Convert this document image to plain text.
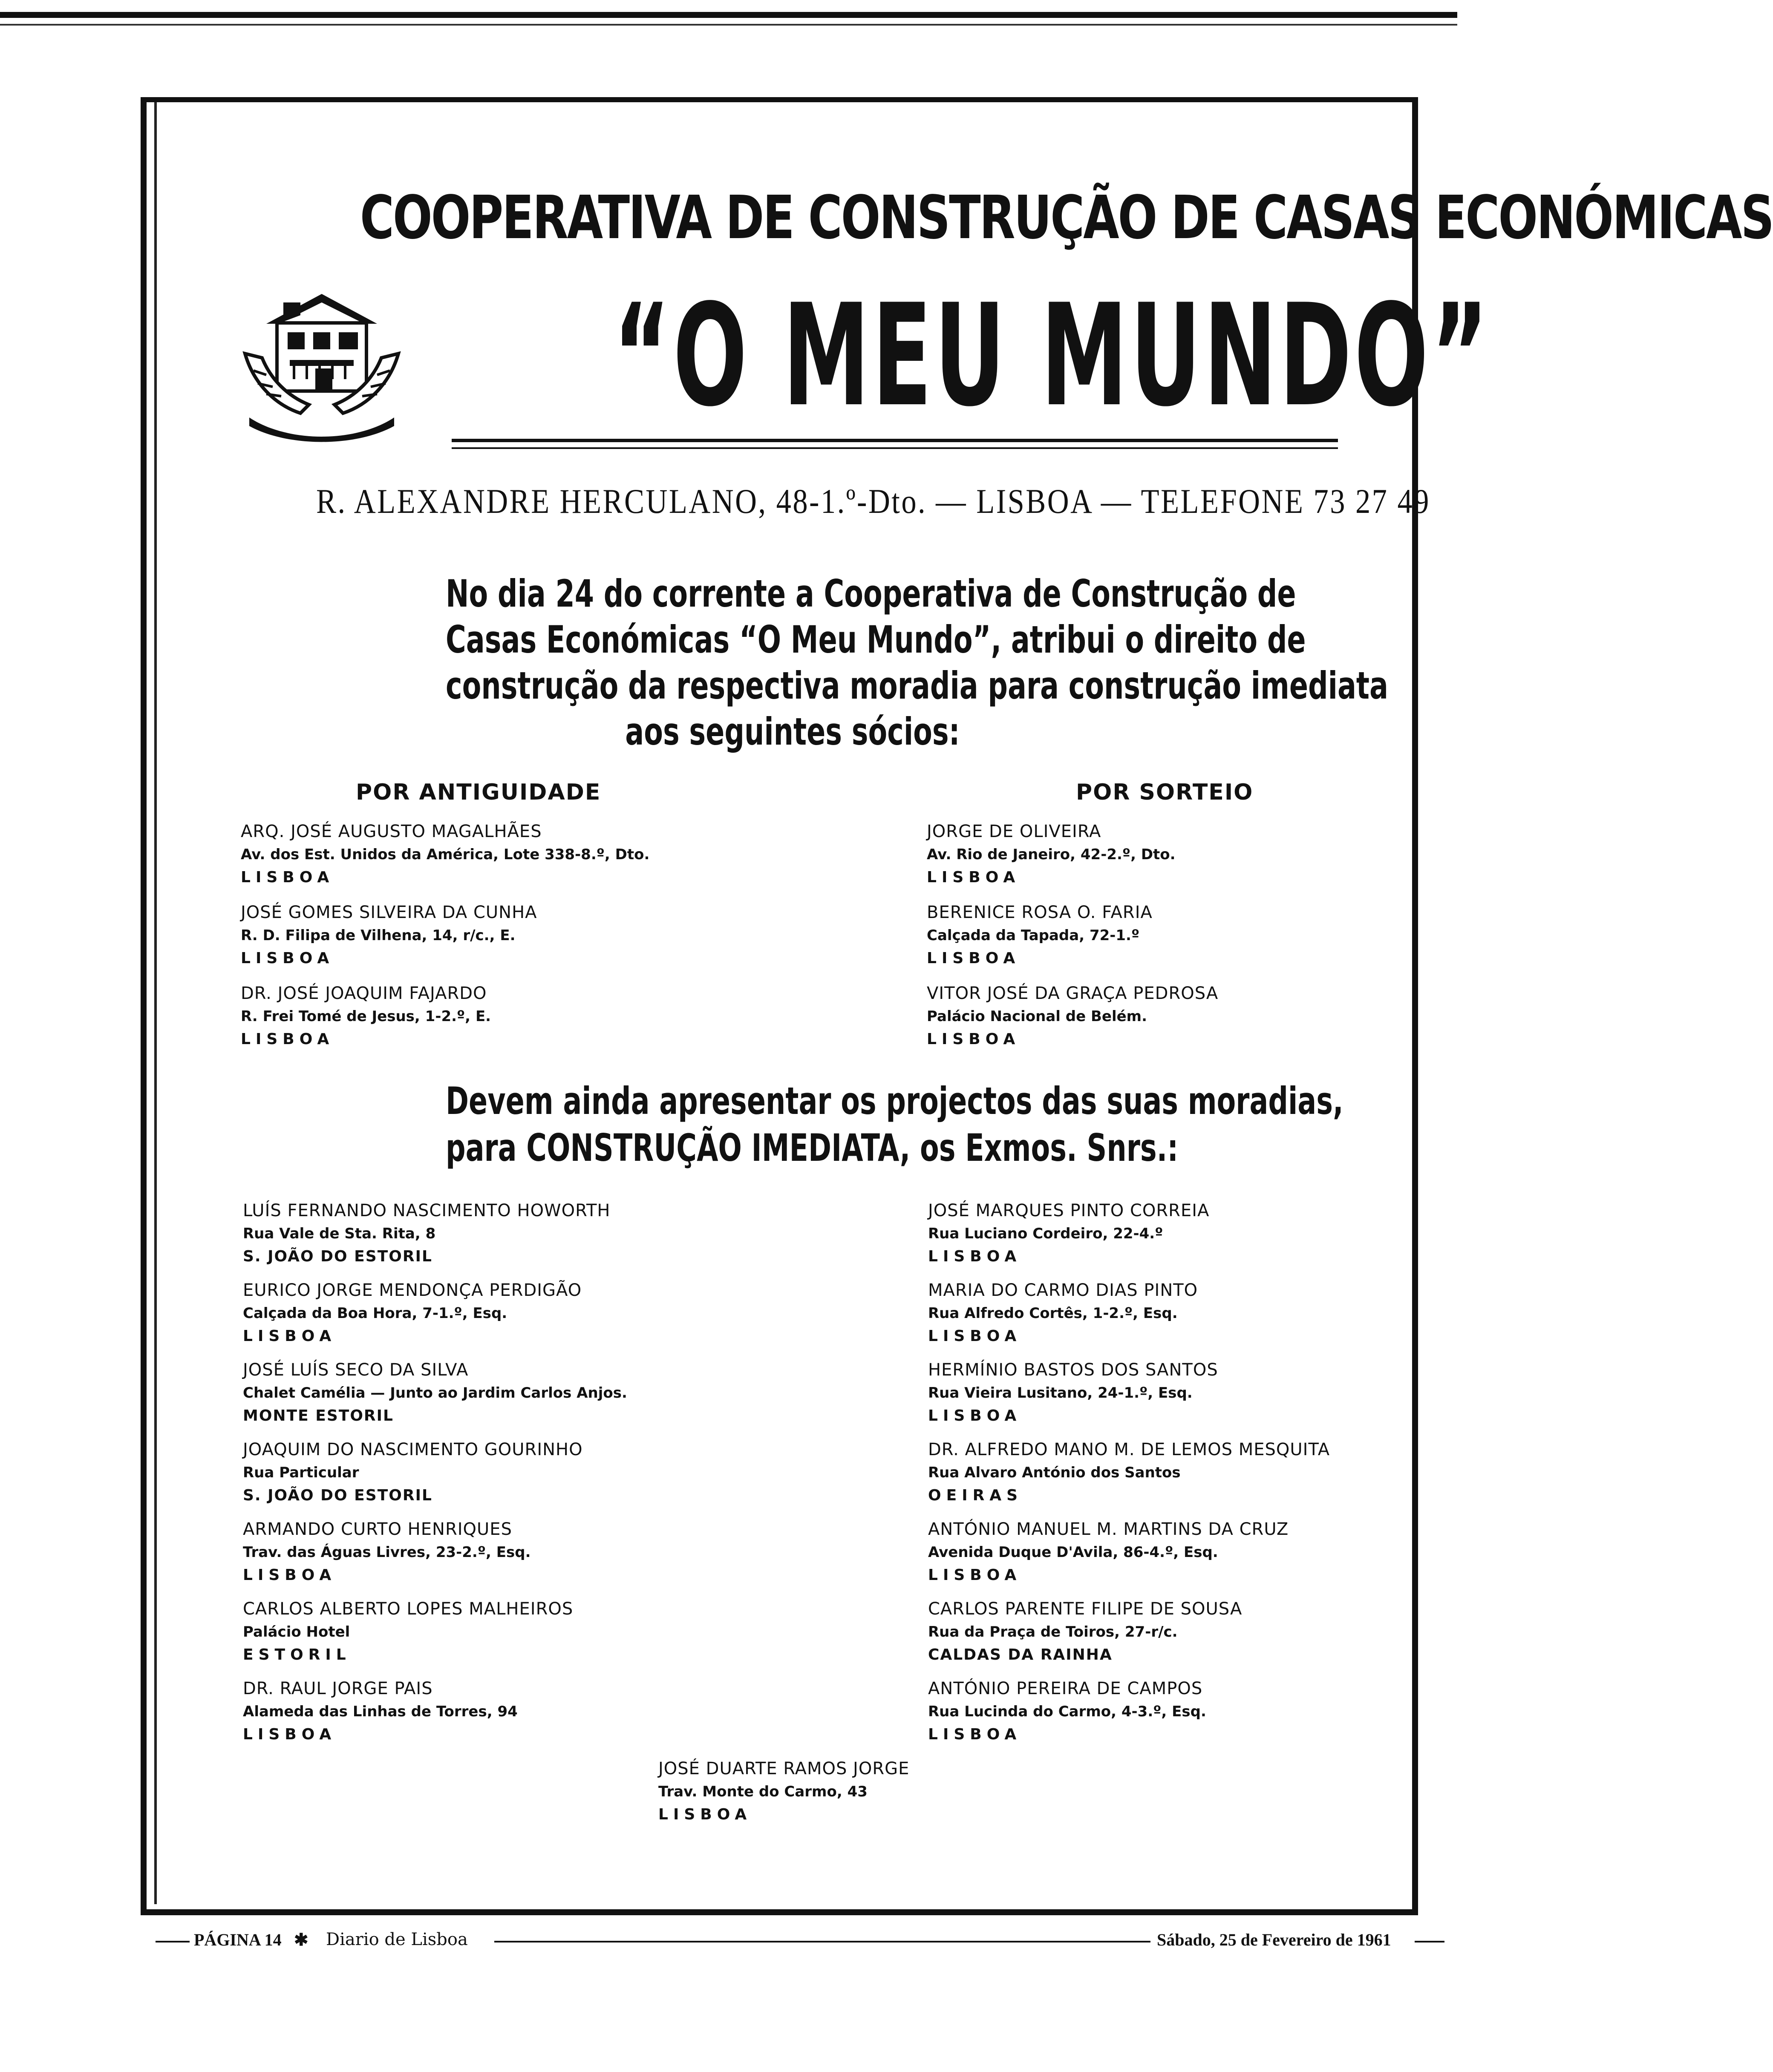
COOPERATIVA DE CONSTRUÇÃO DE CASAS ECONÓMICAS
“O MEU MUNDO”
R. ALEXANDRE HERCULANO, 48-1.º-Dto. — LISBOA — TELEFONE 73 27 49
No dia 24 do corrente a Cooperativa de Construção de
Casas Económicas “O Meu Mundo”, atribui o direito de
construção da respectiva moradia para construção imediata
aos seguintes sócios:
POR ANTIGUIDADE	POR SORTEIO
ARQ. JOSÉ AUGUSTO MAGALHÃES
Av. dos Est. Unidos da América, Lote 338-8.º, Dto.
LISBOA
JOSÉ GOMES SILVEIRA DA CUNHA
R. D. Filipa de Vilhena, 14, r/c., E.
LISBOA
DR. JOSÉ JOAQUIM FAJARDO
R. Frei Tomé de Jesus, 1-2.º, E.
LISBOA
JORGE DE OLIVEIRA
Av. Rio de Janeiro, 42-2.º, Dto.
LISBOA
BERENICE ROSA O. FARIA
Calçada da Tapada, 72-1.º
LISBOA
VITOR JOSÉ DA GRAÇA PEDROSA
Palácio Nacional de Belém.
LISBOA
Devem ainda apresentar os projectos das suas moradias,
para CONSTRUÇÃO IMEDIATA, os Exmos. Snrs.:
LUÍS FERNANDO NASCIMENTO HOWORTH
Rua Vale de Sta. Rita, 8
S. JOÃO DO ESTORIL
EURICO JORGE MENDONÇA PERDIGÃO
Calçada da Boa Hora, 7-1.º, Esq.
LISBOA
JOSÉ LUÍS SECO DA SILVA
Chalet Camélia — Junto ao Jardim Carlos Anjos.
MONTE ESTORIL
JOAQUIM DO NASCIMENTO GOURINHO
Rua Particular
S. JOÃO DO ESTORIL
ARMANDO CURTO HENRIQUES
Trav. das Águas Livres, 23-2.º, Esq.
LISBOA
CARLOS ALBERTO LOPES MALHEIROS
Palácio Hotel
ESTORIL
DR. RAUL JORGE PAIS
Alameda das Linhas de Torres, 94
LISBOA
JOSÉ MARQUES PINTO CORREIA
Rua Luciano Cordeiro, 22-4.º
LISBOA
MARIA DO CARMO DIAS PINTO
Rua Alfredo Cortês, 1-2.º, Esq.
LISBOA
HERMÍNIO BASTOS DOS SANTOS
Rua Vieira Lusitano, 24-1.º, Esq.
LISBOA
DR. ALFREDO MANO M. DE LEMOS MESQUITA
Rua Alvaro António dos Santos
OEIRAS
ANTÓNIO MANUEL M. MARTINS DA CRUZ
Avenida Duque D'Avila, 86-4.º, Esq.
LISBOA
CARLOS PARENTE FILIPE DE SOUSA
Rua da Praça de Toiros, 27-r/c.
CALDAS DA RAINHA
ANTÓNIO PEREIRA DE CAMPOS
Rua Lucinda do Carmo, 4-3.º, Esq.
LISBOA
JOSÉ DUARTE RAMOS JORGE
Trav. Monte do Carmo, 43
LISBOA
PÁGINA 14 ✱ Diario de Lisboa	Sábado, 25 de Fevereiro de 1961
